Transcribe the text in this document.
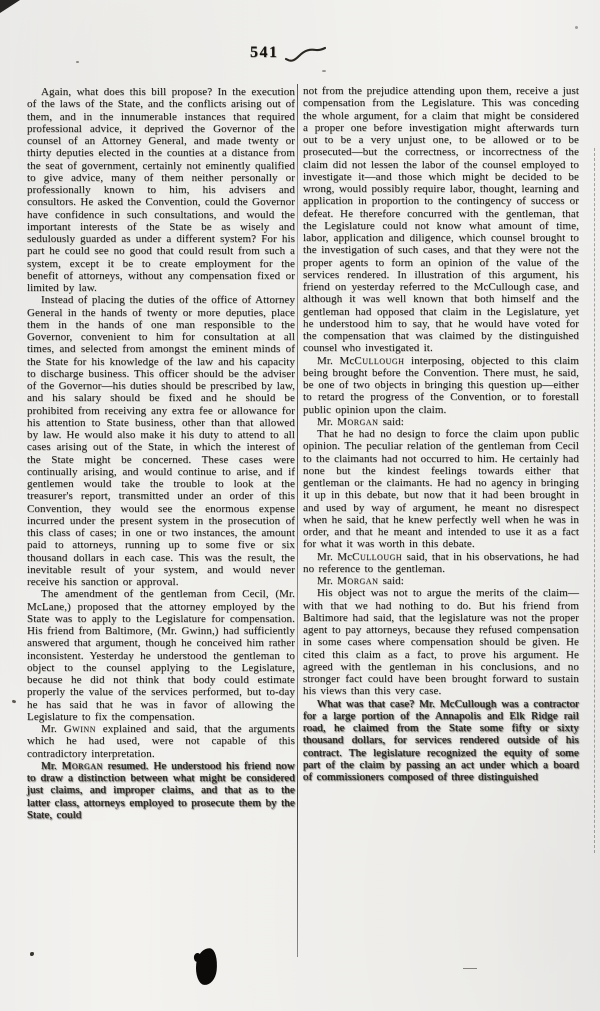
541

Again, what does this bill propose? In the execution of the laws of the State, and the conflicts arising out of them, and in the innumerable instances that required professional advice, it deprived the Governor of the counsel of an Attorney General, and made twenty or thirty deputies elected in the counties at a distance from the seat of government, certainly not eminently qualified to give advice, many of them neither personally or professionally known to him, his advisers and consultors. He asked the Convention, could the Governor have confidence in such consultations, and would the important interests of the State be as wisely and sedulously guarded as under a different system? For his part he could see no good that could result from such a system, except it be to create employment for the benefit of attorneys, without any compensation fixed or limited by law.

Instead of placing the duties of the office of Attorney General in the hands of twenty or more deputies, place them in the hands of one man responsible to the Governor, convenient to him for consultation at all times, and selected from amongst the eminent minds of the State for his knowledge of the law and his capacity to discharge business. This officer should be the adviser of the Governor—his duties should be prescribed by law, and his salary should be fixed and he should be prohibited from receiving any extra fee or allowance for his attention to State business, other than that allowed by law. He would also make it his duty to attend to all cases arising out of the State, in which the interest of the State might be concerned. These cases were continually arising, and would continue to arise, and if gentlemen would take the trouble to look at the treasurer's report, transmitted under an order of this Convention, they would see the enormous expense incurred under the present system in the prosecution of this class of cases; in one or two instances, the amount paid to attorneys, running up to some five or six thousand dollars in each case. This was the result, the inevitable result of your system, and would never receive his sanction or approval.

The amendment of the gentleman from Cecil, (Mr. McLane,) proposed that the attorney employed by the State was to apply to the Legislature for compensation. His friend from Baltimore, (Mr. Gwinn,) had sufficiently answered that argument, though he conceived him rather inconsistent. Yesterday he understood the gentleman to object to the counsel applying to the Legislature, because he did not think that body could estimate properly the value of the services performed, but to-day he has said that he was in favor of allowing the Legislature to fix the compensation.

Mr. Gwinn explained and said, that the arguments which he had used, were not capable of this contradictory interpretation.

Mr. Morgan resumed. He understood his friend now to draw a distinction between what might be considered just claims, and improper claims, and that as to the latter class, attorneys employed to prosecute them by the State, could

not from the prejudice attending upon them, receive a just compensation from the Legislature. This was conceding the whole argument, for a claim that might be considered a proper one before investigation might afterwards turn out to be a very unjust one, to be allowed or to be prosecuted—but the correctness, or incorrectness of the claim did not lessen the labor of the counsel employed to investigate it—and those which might be decided to be wrong, would possibly require labor, thought, learning and application in proportion to the contingency of success or defeat. He therefore concurred with the gentleman, that the Legislature could not know what amount of time, labor, application and diligence, which counsel brought to the investigation of such cases, and that they were not the proper agents to form an opinion of the value of the services rendered. In illustration of this argument, his friend on yesterday referred to the McCullough case, and although it was well known that both himself and the gentleman had opposed that claim in the Legislature, yet he understood him to say, that he would have voted for the compensation that was claimed by the distinguished counsel who investigated it.

Mr. McCullough interposing, objected to this claim being brought before the Convention. There must, he said, be one of two objects in bringing this question up—either to retard the progress of the Convention, or to forestall public opinion upon the claim.

Mr. Morgan said:

That he had no design to force the claim upon public opinion. The peculiar relation of the gentleman from Cecil to the claimants had not occurred to him. He certainly had none but the kindest feelings towards either that gentleman or the claimants. He had no agency in bringing it up in this debate, but now that it had been brought in and used by way of argument, he meant no disrespect when he said, that he knew perfectly well when he was in order, and that he meant and intended to use it as a fact for what it was worth in this debate.

Mr. McCullough said, that in his observations, he had no reference to the gentleman.

Mr. Morgan said:

His object was not to argue the merits of the claim—with that we had nothing to do. But his friend from Baltimore had said, that the legislature was not the proper agent to pay attorneys, because they refused compensation in some cases where compensation should be given. He cited this claim as a fact, to prove his argument. He agreed with the gentleman in his conclusions, and no stronger fact could have been brought forward to sustain his views than this very case.

What was that case? Mr. McCullough was a contractor for a large portion of the Annapolis and Elk Ridge rail road, he claimed from the State some fifty or sixty thousand dollars, for services rendered outside of his contract. The legislature recognized the equity of some part of the claim by passing an act under which a board of commissioners composed of three distinguished
